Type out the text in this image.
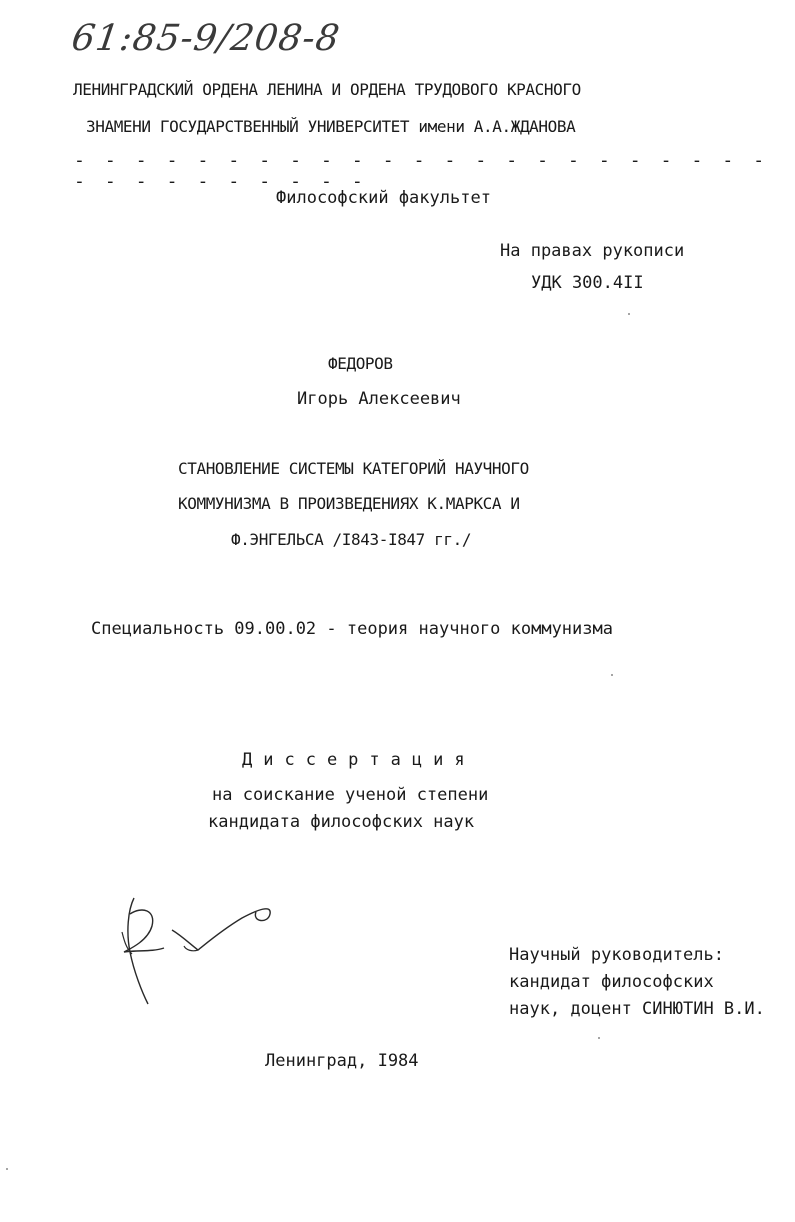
61:85-9/208-8
ЛЕНИНГРАДСКИЙ ОРДЕНА ЛЕНИНА И ОРДЕНА ТРУДОВОГО КРАСНОГО
ЗНАМЕНИ ГОСУДАРСТВЕННЫЙ УНИВЕРСИТЕТ имени А.А.ЖДАНОВА
- - - - - - - - - - - - - - - - - - - - - - - - - - - - - - - - -
Философский факультет
На правах рукописи
УДК 300.4II
ФЕДОРОВ
Игорь Алексеевич
СТАНОВЛЕНИЕ СИСТЕМЫ КАТЕГОРИЙ НАУЧНОГО
КОММУНИЗМА В ПРОИЗВЕДЕНИЯХ К.МАРКСА И
Ф.ЭНГЕЛЬСА /I843-I847 гг./
Специальность 09.00.02 - теория научного коммунизма
Диссертация
на соискание ученой степени
кандидата философских наук
Научный руководитель:
кандидат философских
наук, доцент СИНЮТИН В.И.
Ленинград, I984
